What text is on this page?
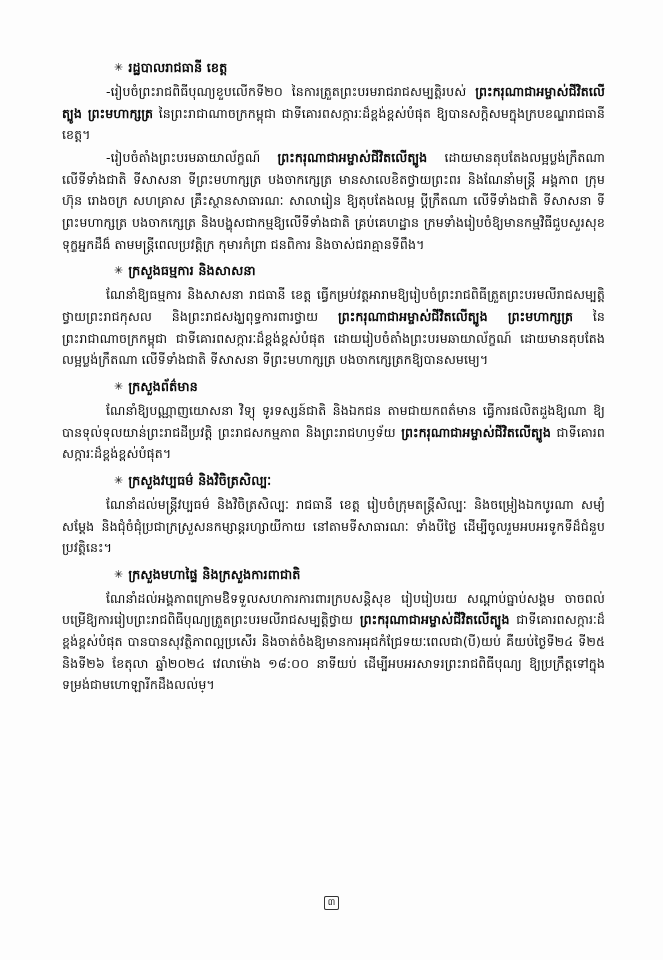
✳ រដ្ឋបាលរាជធានី ខេត្ត

-រៀបចំព្រះរាជពិធីបុណ្យខួបលើកទី២០ នៃការត្រួតព្រះបរមរាជរាជសម្បត្តិរបស់ ព្រះករុណាជាអម្ចាស់ជីវិតលើត្បូង ព្រះមហាក្សត្រ នៃព្រះរាជាណាចក្រកម្ពុជា ជាទីគោរពសក្ការៈដ៏ខ្ពង់ខ្ពស់បំផុត ឱ្យបានសក្តិសមក្នុងក្របខណ្ឌរាជធានី ខេត្ត។

-រៀបចំតាំងព្រះបរមឆាយាល័ក្ខណ៍ ព្រះករុណាជាអម្ចាស់ជីវិតលើត្បូង ដោយមានតុបតែងលម្អប្លង់ក្រឹតណា លើទីទាំងជាតិ ទីសាសនា ទីព្រះមហាក្សត្រ បងចាកក្សេត្រ មានសាលេខិតថ្វាយព្រះពរ និងណែនាំមន្ត្រី អង្គភាព ក្រុមហ៊ុន រោងចក្រ សហគ្រាស គ្រឹះស្ថានសាធារណៈ សាលារៀន ឱ្យតុបតែងលម្អ ប្តីក្រឹតណា លើទីទាំងជាតិ ទីសាសនា ទីព្រះមហាក្សត្រ បងចាកក្សេត្រ និងបង្ហុសជាកម្មឱ្យលើទីទាំងជាតិ គ្រប់គេហដ្ឋាន ក្រមទាំងរៀបចំឱ្យមានកម្មវិធីជួបសួរសុខទុក្ខអ្នកដឹង៏ តាមមន្ត្រីពេលប្រវត្តិក្រ កុមារកំព្រា ជនពិការ និងចាស់ជរាគ្មានទីពឹង។

✳ ក្រសួងធម្មការ និងសាសនា

ណែនាំឱ្យធម្មការ និងសាសនា រាជធានី ខេត្ត ធ្វើកម្រប់វត្តអារាមឱ្យរៀបចំព្រះរាជពិធីត្រួតព្រះបរមលីរាជសម្បត្តិថ្វាយព្រះរាជកុសល និងព្រះរាជសង្ឃពុទ្ធការពារថ្វាយ ព្រះករុណាជាអម្ចាស់ជីវិតលើត្បូង ព្រះមហាក្សត្រ នៃព្រះរាជាណាចក្រកម្ពុជា ជាទីគោរពសក្ការៈដ៏ខ្ពង់ខ្ពស់បំផុត ដោយរៀបចំតាំងព្រះបរមឆាយាល័ក្ខណ៍ ដោយមានតុបតែងលម្អប្លង់ក្រឹតណា លើទីទាំងជាតិ ទីសាសនា ទីព្រះមហាក្សត្រ បងចាកក្សេត្រកឱ្យបានសមម្យេ។

✳ ក្រសួងព័ត៌មាន

ណែនាំឱ្យបណ្ណាញយោសនា វិទ្យុ ទូរទស្សន៍ជាតិ និងឯកជន តាមជាយកពត៌មាន ធ្វើការផលិតដួងឱ្យណា ឱ្យបានទុល់ទុលយាន់ព្រះរាជដីប្រវត្តិ ព្រះរាជសកម្មភាព និងព្រះរាជហឫទ័យ ព្រះករុណាជាអម្ចាស់ជីវិតលើត្បូង ជាទីគោរពសក្ការៈដ៏ខ្ពង់ខ្ពស់បំផុត។

✳ ក្រសួងវប្បធម៌ និងវិចិត្រសិល្បៈ

ណែនាំដល់មន្ត្រីវប្បធម៌ និងវិចិត្រសិល្បៈ រាជធានី ខេត្ត រៀបចំក្រុមតន្ត្រីសិល្បៈ និងចម្រៀងឯកបូរណា សម្យំ សម្ដែង និងជុំចំជុំប្រជាក្រស្រួសនកម្សាន្តរហ្សាយីកាយ នៅតាមទីសាធារណៈ ទាំងបីថ្ងៃ ដើម្បីចូលរួមអបអរទូកទីដ៏ជំនួបប្រវត្តិនេះ។

✳ ក្រសួងមហាផ្ទៃ និងក្រសួងការពាជាតិ

ណែនាំដល់អង្គភាពក្រោមឱិទទួលសហការការពារក្របសន្តិសុខ រៀបរៀបរយ សណ្ដាប់ធ្នាប់សង្គម ចាចពល់ បម្រើឱ្យការរៀបព្រះរាជពិធីបុណ្យត្រួតព្រះបរមលីរាជសម្បត្តិថ្វាយ ព្រះករុណាជាអម្ចាស់ជីវិតលើត្បូង ជាទីគោរពសក្ការៈដ៏ខ្ពង់ខ្ពស់បំផុត បានបានសុវត្ថិភាពល្អប្រសើរ និងចាត់ចំងឱ្យមានការអុជកំជ្រែទយៈពេលជា(បី)យប់ គឺយប់ថ្ងៃទី២៤ ទី២៥ និងទី២៦ ខែតុលា ឆ្នាំ២០២៤ វេលាម៉ោង ១៨:០០ នាទីយប់ ដើម្បីអបអរសាទរព្រះរាជពិធីបុណ្យ ឱ្យប្រក្រឹត្តទៅក្នុងទម្រង់ជាមហោឡារីកដឹងលល់ម្។

៣
